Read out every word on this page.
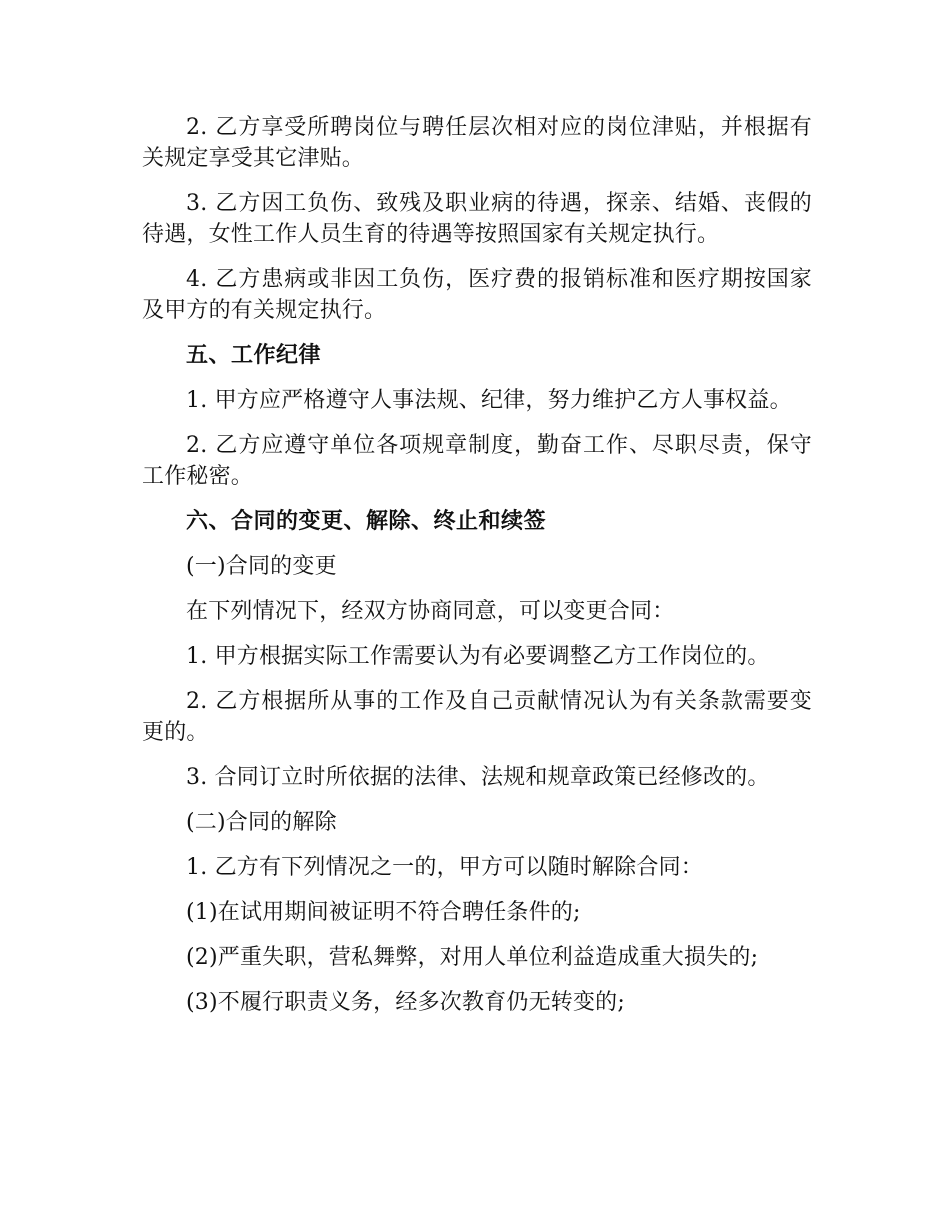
2. 乙方享受所聘岗位与聘任层次相对应的岗位津贴，并根据有关规定享受其它津贴。

3. 乙方因工负伤、致残及职业病的待遇，探亲、结婚、丧假的待遇，女性工作人员生育的待遇等按照国家有关规定执行。

4. 乙方患病或非因工负伤，医疗费的报销标准和医疗期按国家及甲方的有关规定执行。

五、工作纪律

1. 甲方应严格遵守人事法规、纪律，努力维护乙方人事权益。

2. 乙方应遵守单位各项规章制度，勤奋工作、尽职尽责，保守工作秘密。

六、合同的变更、解除、终止和续签

(一)合同的变更

在下列情况下，经双方协商同意，可以变更合同：

1. 甲方根据实际工作需要认为有必要调整乙方工作岗位的。

2. 乙方根据所从事的工作及自己贡献情况认为有关条款需要变更的。

3. 合同订立时所依据的法律、法规和规章政策已经修改的。

(二)合同的解除

1. 乙方有下列情况之一的，甲方可以随时解除合同：

(1)在试用期间被证明不符合聘任条件的;

(2)严重失职，营私舞弊，对用人单位利益造成重大损失的;

(3)不履行职责义务，经多次教育仍无转变的;
